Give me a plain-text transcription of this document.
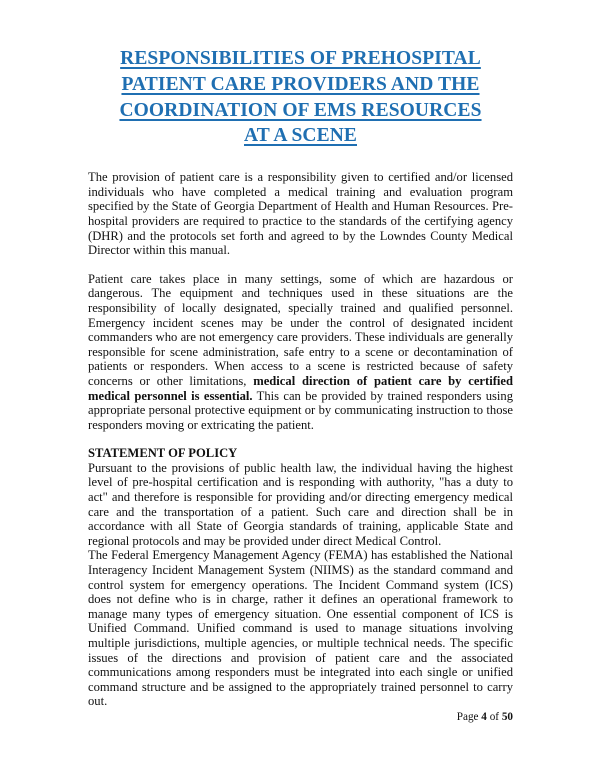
RESPONSIBILITIES OF PREHOSPITAL
PATIENT CARE PROVIDERS AND THE
COORDINATION OF EMS RESOURCES
AT A SCENE

The provision of patient care is a responsibility given to certified and/or licensed individuals who have completed a medical training and evaluation program specified by the State of Georgia Department of Health and Human Resources. Pre-hospital providers are required to practice to the standards of the certifying agency (DHR) and the protocols set forth and agreed to by the Lowndes County Medical Director within this manual.

Patient care takes place in many settings, some of which are hazardous or dangerous. The equipment and techniques used in these situations are the responsibility of locally designated, specially trained and qualified personnel. Emergency incident scenes may be under the control of designated incident commanders who are not emergency care providers. These individuals are generally responsible for scene administration, safe entry to a scene or decontamination of patients or responders. When access to a scene is restricted because of safety concerns or other limitations, medical direction of patient care by certified medical personnel is essential. This can be provided by trained responders using appropriate personal protective equipment or by communicating instruction to those responders moving or extricating the patient.

STATEMENT OF POLICY

Pursuant to the provisions of public health law, the individual having the highest level of pre-hospital certification and is responding with authority, "has a duty to act" and therefore is responsible for providing and/or directing emergency medical care and the transportation of a patient. Such care and direction shall be in accordance with all State of Georgia standards of training, applicable State and regional protocols and may be provided under direct Medical Control.

The Federal Emergency Management Agency (FEMA) has established the National Interagency Incident Management System (NIIMS) as the standard command and control system for emergency operations. The Incident Command system (ICS) does not define who is in charge, rather it defines an operational framework to manage many types of emergency situation. One essential component of ICS is Unified Command. Unified command is used to manage situations involving multiple jurisdictions, multiple agencies, or multiple technical needs. The specific issues of the directions and provision of patient care and the associated communications among responders must be integrated into each single or unified command structure and be assigned to the appropriately trained personnel to carry out.

Page 4 of 50
